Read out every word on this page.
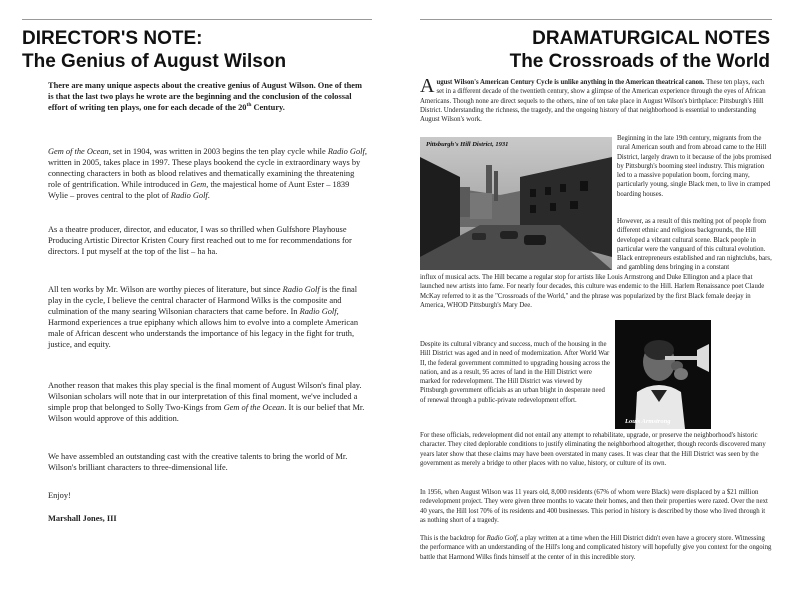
DIRECTOR'S NOTE:
The Genius of August Wilson

There are many unique aspects about the creative genius of August Wilson. One of them is that the last two plays he wrote are the beginning and the conclusion of the colossal effort of writing ten plays, one for each decade of the 20th Century.

Gem of the Ocean, set in 1904, was written in 2003 begins the ten play cycle while Radio Golf, written in 2005, takes place in 1997. These plays bookend the cycle in extraordinary ways by connecting characters in both as blood relatives and thematically examining the threatening role of gentrification. While introduced in Gem, the majestical home of Aunt Ester – 1839 Wylie – proves central to the plot of Radio Golf.

As a theatre producer, director, and educator, I was so thrilled when Gulfshore Playhouse Producing Artistic Director Kristen Coury first reached out to me for recommendations for directors. I put myself at the top of the list – ha ha.

All ten works by Mr. Wilson are worthy pieces of literature, but since Radio Golf is the final play in the cycle, I believe the central character of Harmond Wilks is the composite and culmination of the many searing Wilsonian characters that came before. In Radio Golf, Harmond experiences a true epiphany which allows him to evolve into a complete American male of African descent who understands the importance of his legacy in the fight for truth, justice, and equity.

Another reason that makes this play special is the final moment of August Wilson's final play. Wilsonian scholars will note that in our interpretation of this final moment, we've included a simple prop that belonged to Solly Two-Kings from Gem of the Ocean. It is our belief that Mr. Wilson would approve of this addition.

We have assembled an outstanding cast with the creative talents to bring the world of Mr. Wilson's brilliant characters to three-dimensional life.

Enjoy!

Marshall Jones, III

DRAMATURGICAL NOTES
The Crossroads of the World

August Wilson's American Century Cycle is unlike anything in the American theatrical canon. These ten plays, each set in a different decade of the twentieth century, show a glimpse of the American experience through the eyes of African Americans. Though none are direct sequels to the others, nine of ten take place in August Wilson's birthplace: Pittsburgh's Hill District. Understanding the richness, the tragedy, and the ongoing history of that neighborhood is essential to understanding August Wilson's work.

Pittsburgh's Hill District, 1931

Beginning in the late 19th century, migrants from the rural American south and from abroad came to the Hill District, largely drawn to it because of the jobs promised by Pittsburgh's booming steel industry. This migration led to a massive population boom, forcing many, particularly young, single Black men, to live in cramped boarding houses.

However, as a result of this melting pot of people from different ethnic and religious backgrounds, the Hill developed a vibrant cultural scene. Black people in particular were the vanguard of this cultural evolution. Black entrepreneurs established and ran nightclubs, bars, and gambling dens bringing in a constant

influx of musical acts. The Hill became a regular stop for artists like Louis Armstrong and Duke Ellington and a place that launched new artists into fame. For nearly four decades, this culture was endemic to the Hill. Harlem Renaissance poet Claude McKay referred to it as the "Crossroads of the World," and the phrase was popularized by the first Black female deejay in America, WHOD Pittsburgh's Mary Dee.

Louis Armstrong

Despite its cultural vibrancy and success, much of the housing in the Hill District was aged and in need of modernization. After World War II, the federal government committed to upgrading housing across the nation, and as a result, 95 acres of land in the Hill District were marked for redevelopment. The Hill District was viewed by Pittsburgh government officials as an urban blight in desperate need of renewal through a public-private redevelopment effort.

For these officials, redevelopment did not entail any attempt to rehabilitate, upgrade, or preserve the neighborhood's historic character. They cited deplorable conditions to justify eliminating the neighborhood altogether, though records discovered many years later show that these claims may have been overstated in many cases. It was clear that the Hill District was seen by the government as merely a bridge to other places with no value, history, or culture of its own.

In 1956, when August Wilson was 11 years old, 8,000 residents (67% of whom were Black) were displaced by a $21 million redevelopment project. They were given three months to vacate their homes, and then their properties were razed. Over the next 40 years, the Hill lost 70% of its residents and 400 businesses. This period in history is described by those who lived through it as nothing short of a tragedy.

This is the backdrop for Radio Golf, a play written at a time when the Hill District didn't even have a grocery store. Witnessing the performance with an understanding of the Hill's long and complicated history will hopefully give you context for the ongoing battle that Harmond Wilks finds himself at the center of in this incredible story.
